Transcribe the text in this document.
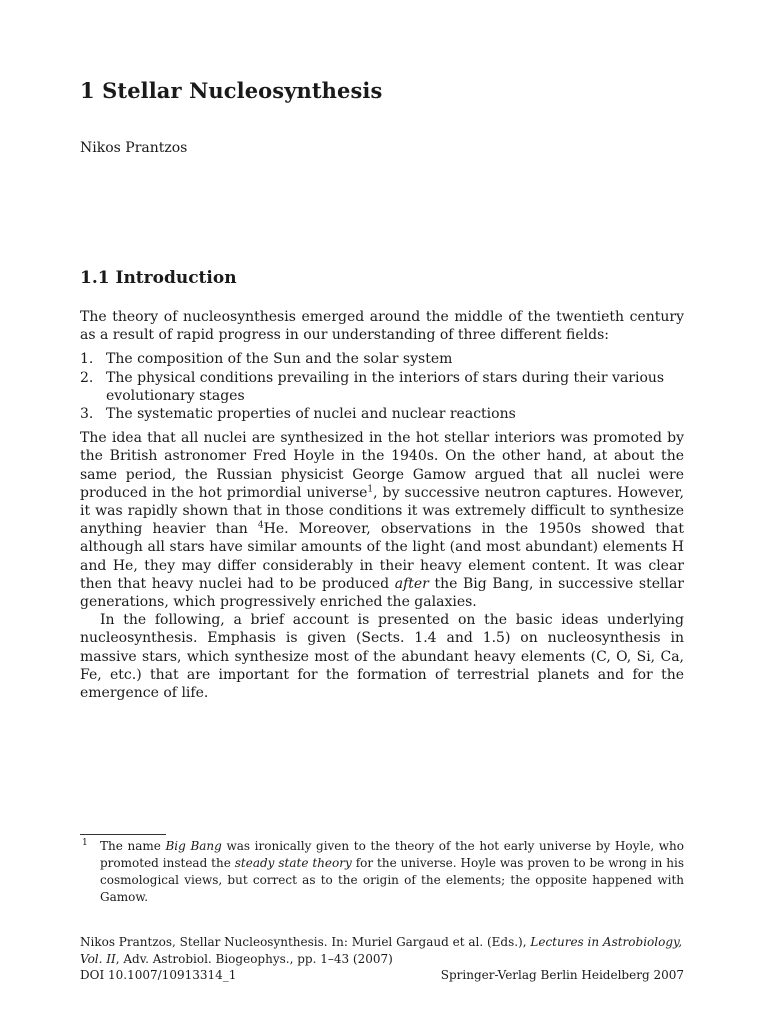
1 Stellar Nucleosynthesis
Nikos Prantzos
1.1 Introduction

The theory of nucleosynthesis emerged around the middle of the twentieth century as a result of rapid progress in our understanding of three different fields:

1. The composition of the Sun and the solar system
2. The physical conditions prevailing in the interiors of stars during their various evolutionary stages
3. The systematic properties of nuclei and nuclear reactions

The idea that all nuclei are synthesized in the hot stellar interiors was promoted by the British astronomer Fred Hoyle in the 1940s. On the other hand, at about the same period, the Russian physicist George Gamow argued that all nuclei were produced in the hot primordial universe$^1$, by successive neutron captures. However, it was rapidly shown that in those conditions it was extremely difficult to synthesize anything heavier than $^4$He. Moreover, observations in the 1950s showed that although all stars have similar amounts of the light (and most abundant) elements H and He, they may differ considerably in their heavy element content. It was clear then that heavy nuclei had to be produced after the Big Bang, in successive stellar generations, which progressively enriched the galaxies.

In the following, a brief account is presented on the basic ideas underlying nucleosynthesis. Emphasis is given (Sects. 1.4 and 1.5) on nucleosynthesis in massive stars, which synthesize most of the abundant heavy elements (C, O, Si, Ca, Fe, etc.) that are important for the formation of terrestrial planets and for the emergence of life.

1 The name Big Bang was ironically given to the theory of the hot early universe by Hoyle, who promoted instead the steady state theory for the universe. Hoyle was proven to be wrong in his cosmological views, but correct as to the origin of the elements; the opposite happened with Gamow.
Nikos Prantzos, Stellar Nucleosynthesis. In: Muriel Gargaud et al. (Eds.), Lectures in Astrobiology, Vol. II, Adv. Astrobiol. Biogeophys., pp. 1–43 (2007)
DOI 10.1007/10913314_1	Springer-Verlag Berlin Heidelberg 2007
